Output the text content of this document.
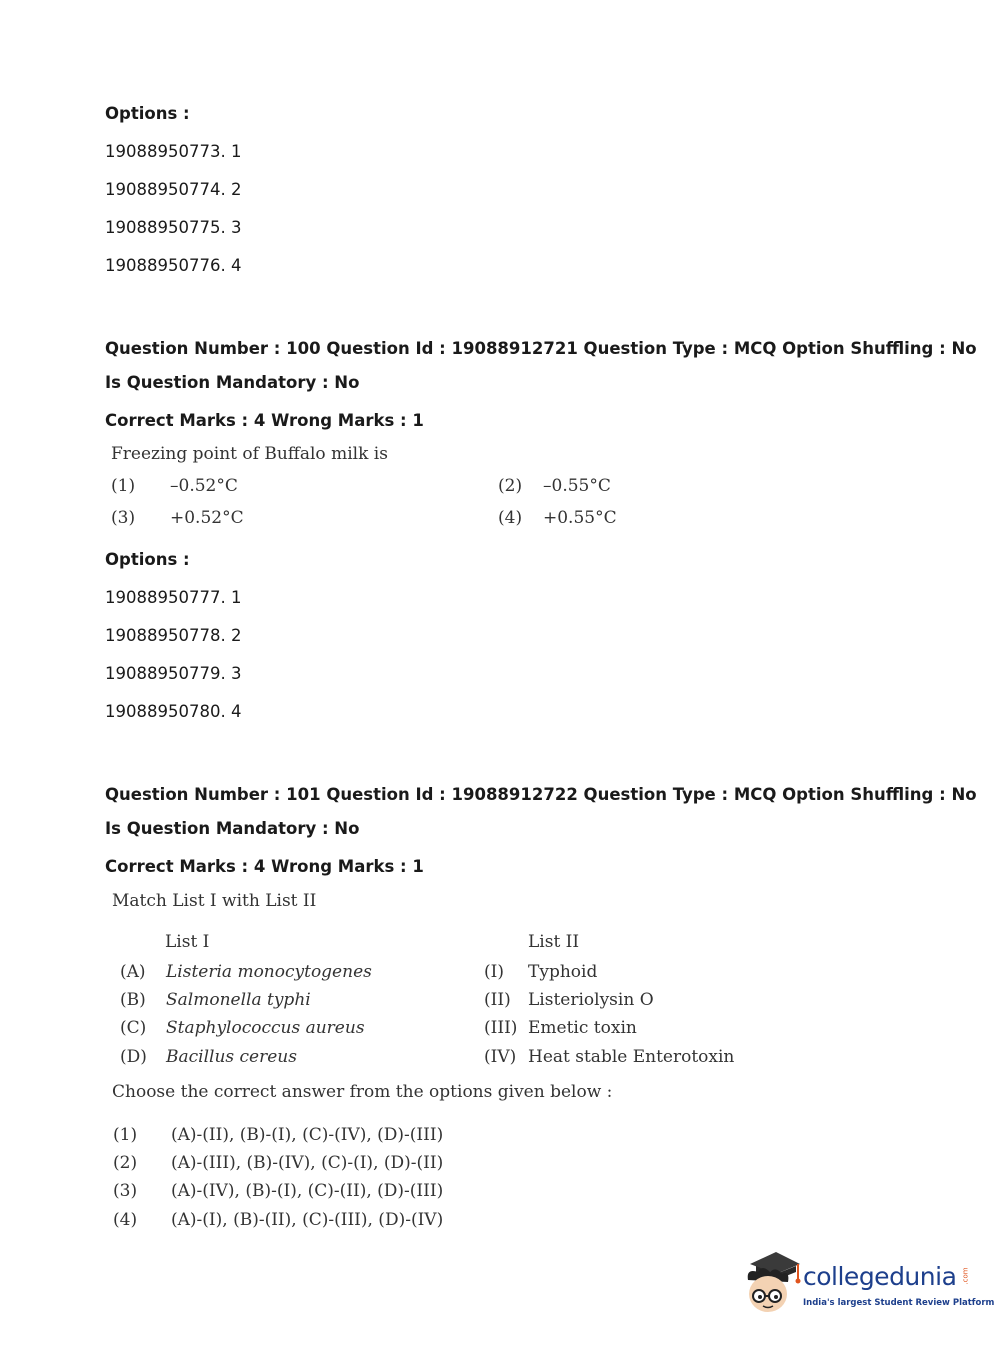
Options :
19088950773. 1
19088950774. 2
19088950775. 3
19088950776. 4
Question Number : 100 Question Id : 19088912721 Question Type : MCQ Option Shuffling : No
Is Question Mandatory : No
Correct Marks : 4 Wrong Marks : 1
Freezing point of Buffalo milk is
(1) –0.52°C	(2) –0.55°C
(3) +0.52°C	(4) +0.55°C
Options :
19088950777. 1
19088950778. 2
19088950779. 3
19088950780. 4
Question Number : 101 Question Id : 19088912722 Question Type : MCQ Option Shuffling : No
Is Question Mandatory : No
Correct Marks : 4 Wrong Marks : 1
Match List I with List II
List I	List II
(A) Listeria monocytogenes	(I) Typhoid
(B) Salmonella typhi	(II) Listeriolysin O
(C) Staphylococcus aureus	(III) Emetic toxin
(D) Bacillus cereus	(IV) Heat stable Enterotoxin
Choose the correct answer from the options given below :
(1) (A)-(II), (B)-(I), (C)-(IV), (D)-(III)
(2) (A)-(III), (B)-(IV), (C)-(I), (D)-(II)
(3) (A)-(IV), (B)-(I), (C)-(II), (D)-(III)
(4) (A)-(I), (B)-(II), (C)-(III), (D)-(IV)
collegedunia .com
India's largest Student Review Platform
